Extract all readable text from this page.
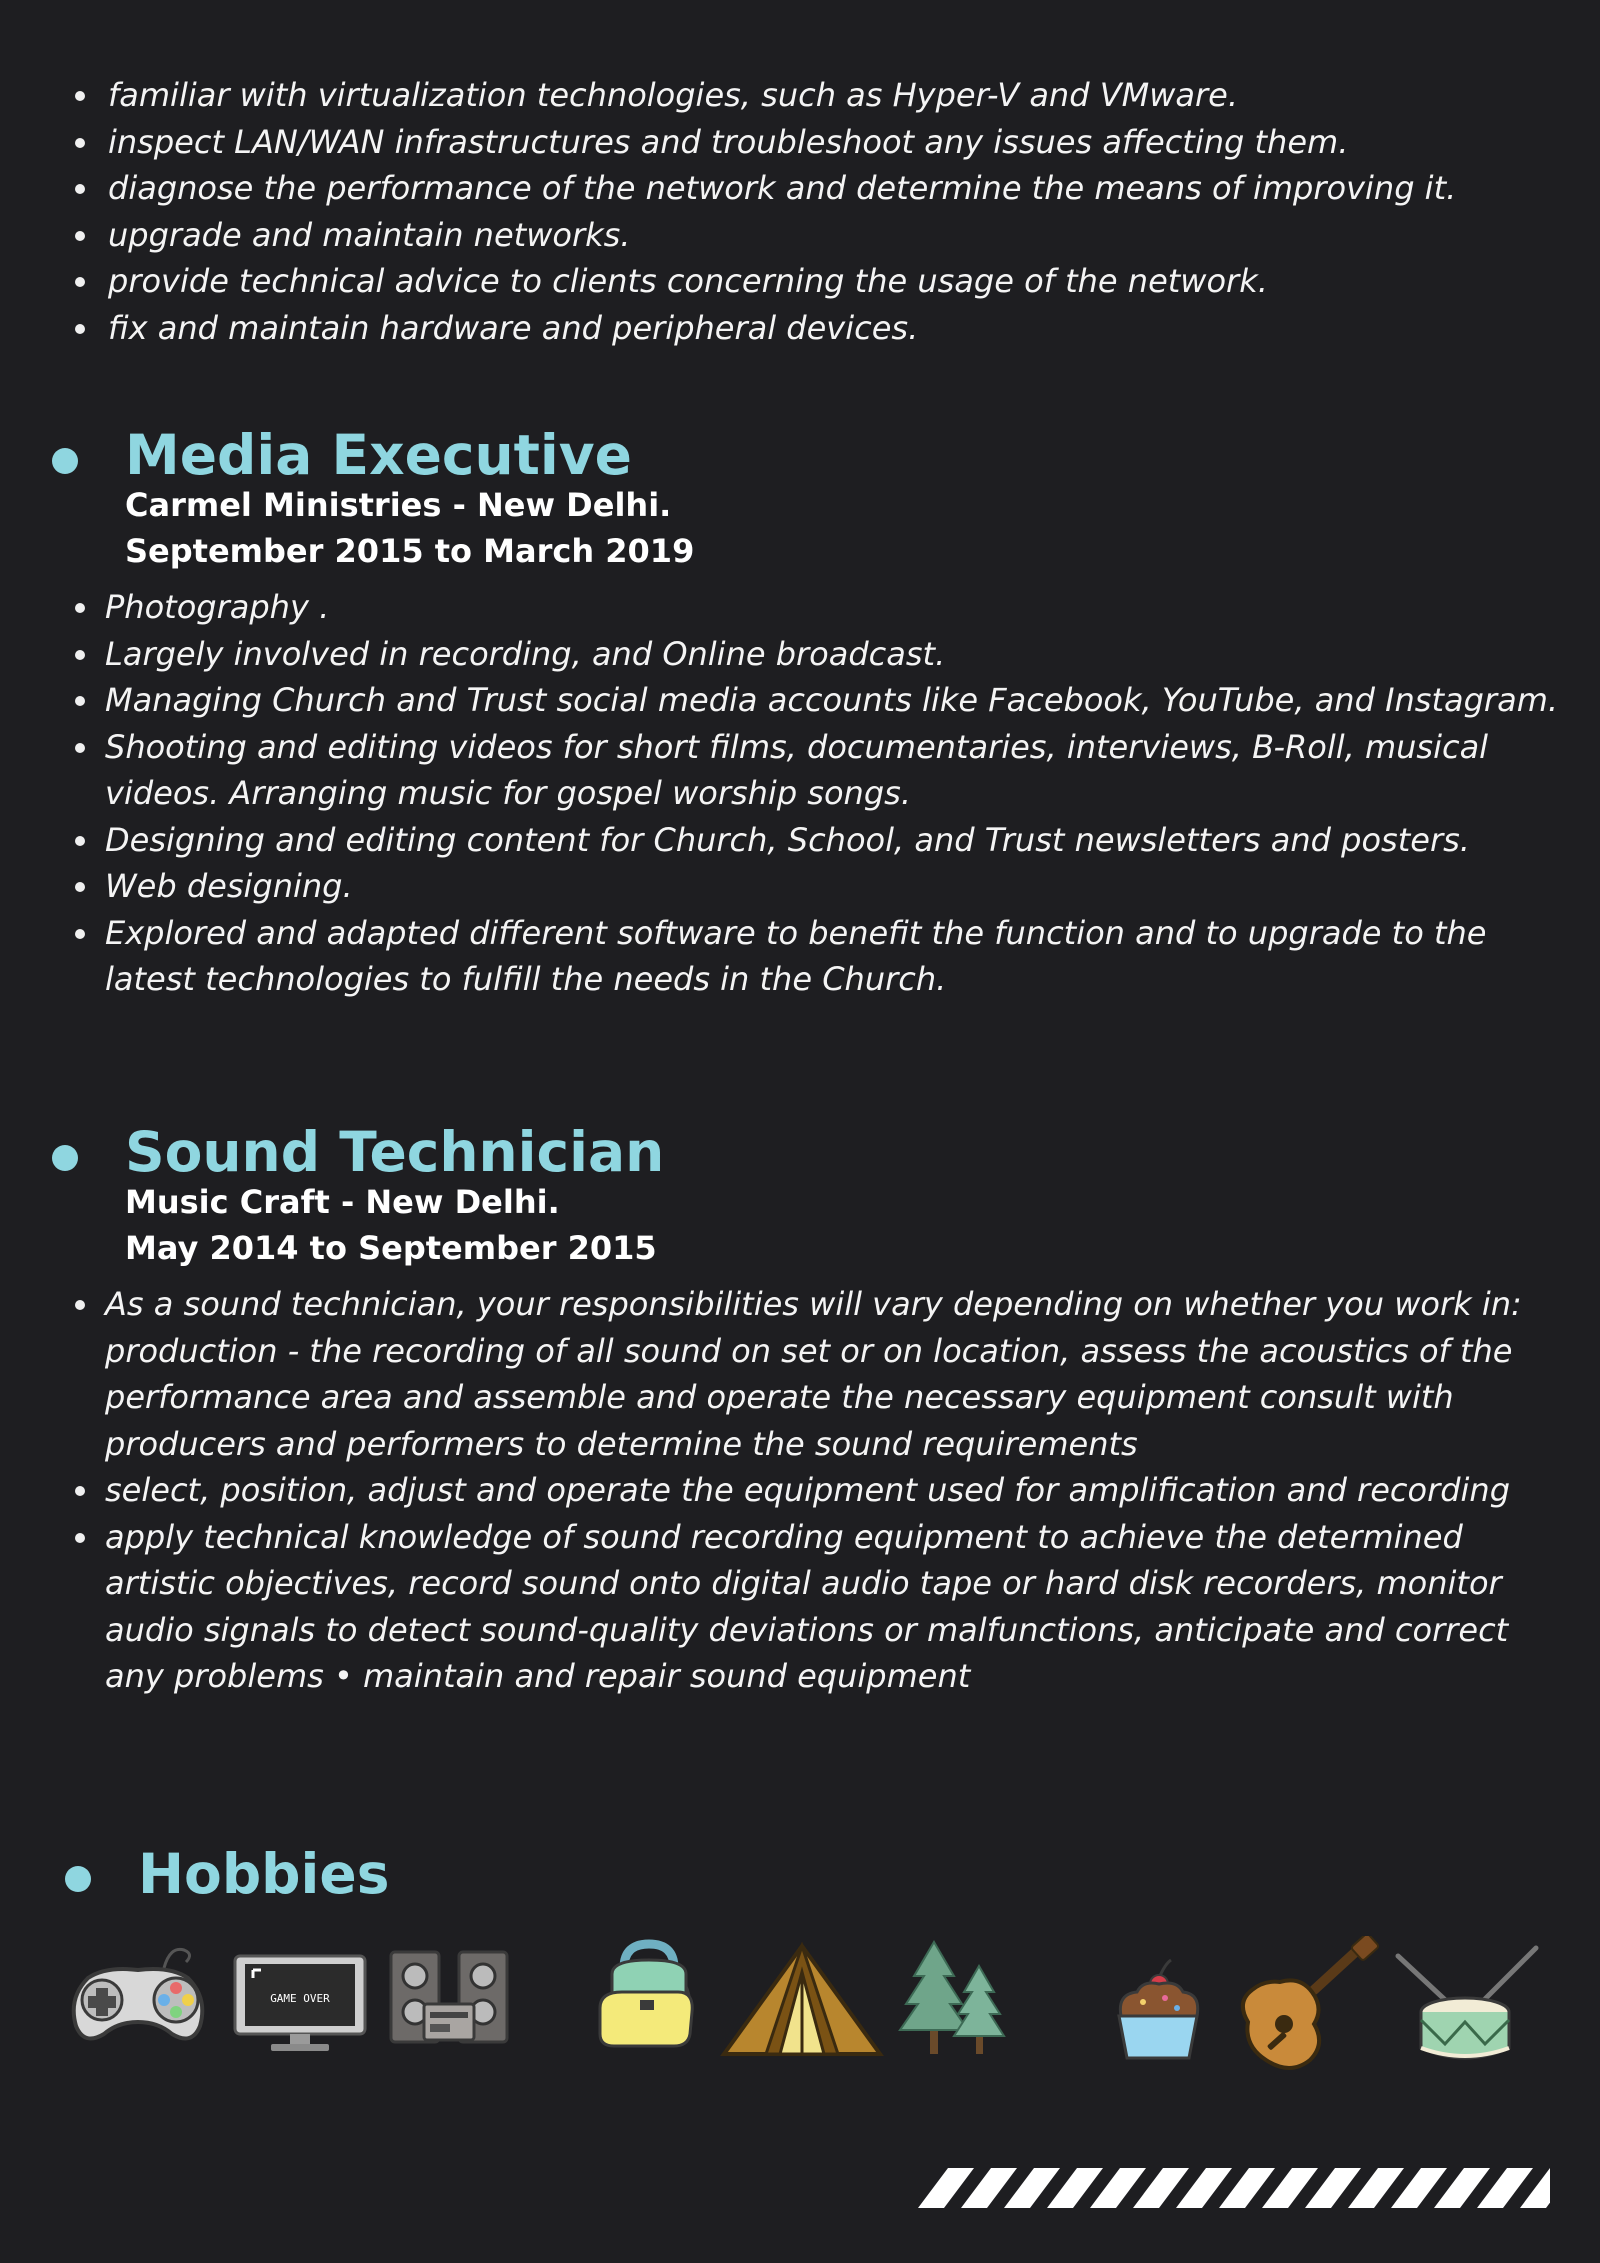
familiar with virtualization technologies, such as Hyper-V and VMware.
inspect LAN/WAN infrastructures and troubleshoot any issues affecting them.
diagnose the performance of the network and determine the means of improving it.
upgrade and maintain networks.
provide technical advice to clients concerning the usage of the network.
fix and maintain hardware and peripheral devices.
Media Executive
Carmel Ministries - New Delhi.
September 2015 to March 2019
Photography .
Largely involved in recording, and Online broadcast.
Managing Church and Trust social media accounts like Facebook, YouTube, and Instagram.
Shooting and editing videos for short films, documentaries, interviews, B-Roll, musical videos. Arranging music for gospel worship songs.
Designing and editing content for Church, School, and Trust newsletters and posters.
Web designing.
Explored and adapted different software to benefit the function and to upgrade to the latest technologies to fulfill the needs in the Church.
Sound Technician
Music Craft - New Delhi.
May 2014 to September 2015
As a sound technician, your responsibilities will vary depending on whether you work in: production - the recording of all sound on set or on location, assess the acoustics of the performance area and assemble and operate the necessary equipment consult with producers and performers to determine the sound requirements
select, position, adjust and operate the equipment used for amplification and recording
apply technical knowledge of sound recording equipment to achieve the determined artistic objectives, record sound onto digital audio tape or hard disk recorders, monitor audio signals to detect sound-quality deviations or malfunctions, anticipate and correct any problems • maintain and repair sound equipment
Hobbies
GAME OVER
